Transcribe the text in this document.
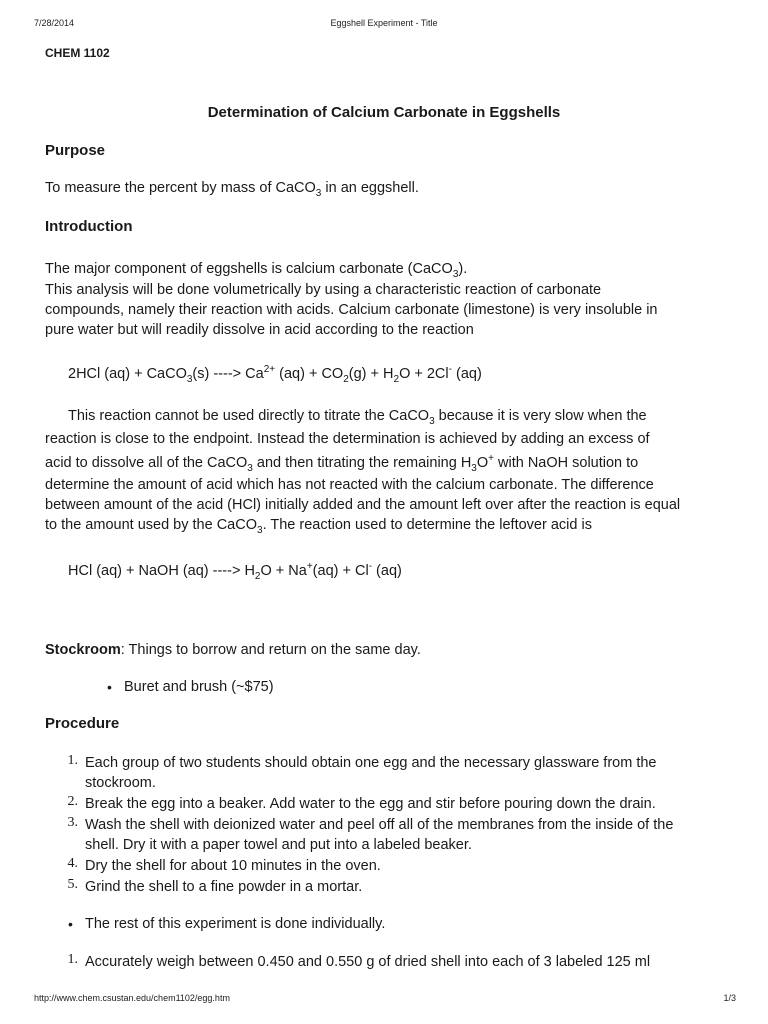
7/28/2014	Eggshell Experiment - Title
http://www.chem.csustan.edu/chem1102/egg.htm	1/3
CHEM 1102
Determination of Calcium Carbonate in Eggshells
Purpose
To measure the percent by mass of CaCO$_3$ in an eggshell.
Introduction
The major component of eggshells is calcium carbonate (CaCO$_3$).
This analysis will be done volumetrically by using a characteristic reaction of carbonate
compounds, namely their reaction with acids. Calcium carbonate (limestone) is very insoluble in
pure water but will readily dissolve in acid according to the reaction
2HCl (aq) + CaCO$_3$(s) ----> $Ca^{2+}$ $(aq) + CO_2(g) + H_2O + 2Cl^-$ (aq)
This reaction cannot be used directly to titrate the CaCO$_3$ because it is very slow when the
reaction is close to the endpoint. Instead the determination is achieved by adding an excess of
acid to dissolve all of the CaCO$_3$ and then titrating the remaining $H_3O^+$ with NaOH solution to
determine the amount of acid which has not reacted with the calcium carbonate. The difference
between amount of the acid (HCl) initially added and the amount left over after the reaction is equal
to the amount used by the CaCO$_3$. The reaction used to determine the leftover acid is
HCl (aq) + NaOH (aq) ----> $H_2O + Na^+(aq) + Cl^-$ (aq)
Stockroom: Things to borrow and return on the same day.
• Buret and brush (~$75)
Procedure
1. Each group of two students should obtain one egg and the necessary glassware from the
stockroom.
2. Break the egg into a beaker. Add water to the egg and stir before pouring down the drain.
3. Wash the shell with deionized water and peel off all of the membranes from the inside of the
shell. Dry it with a paper towel and put into a labeled beaker.
4. Dry the shell for about 10 minutes in the oven.
5. Grind the shell to a fine powder in a mortar.
• The rest of this experiment is done individually.
1. Accurately weigh between 0.450 and 0.550 g of dried shell into each of 3 labeled 125 ml
